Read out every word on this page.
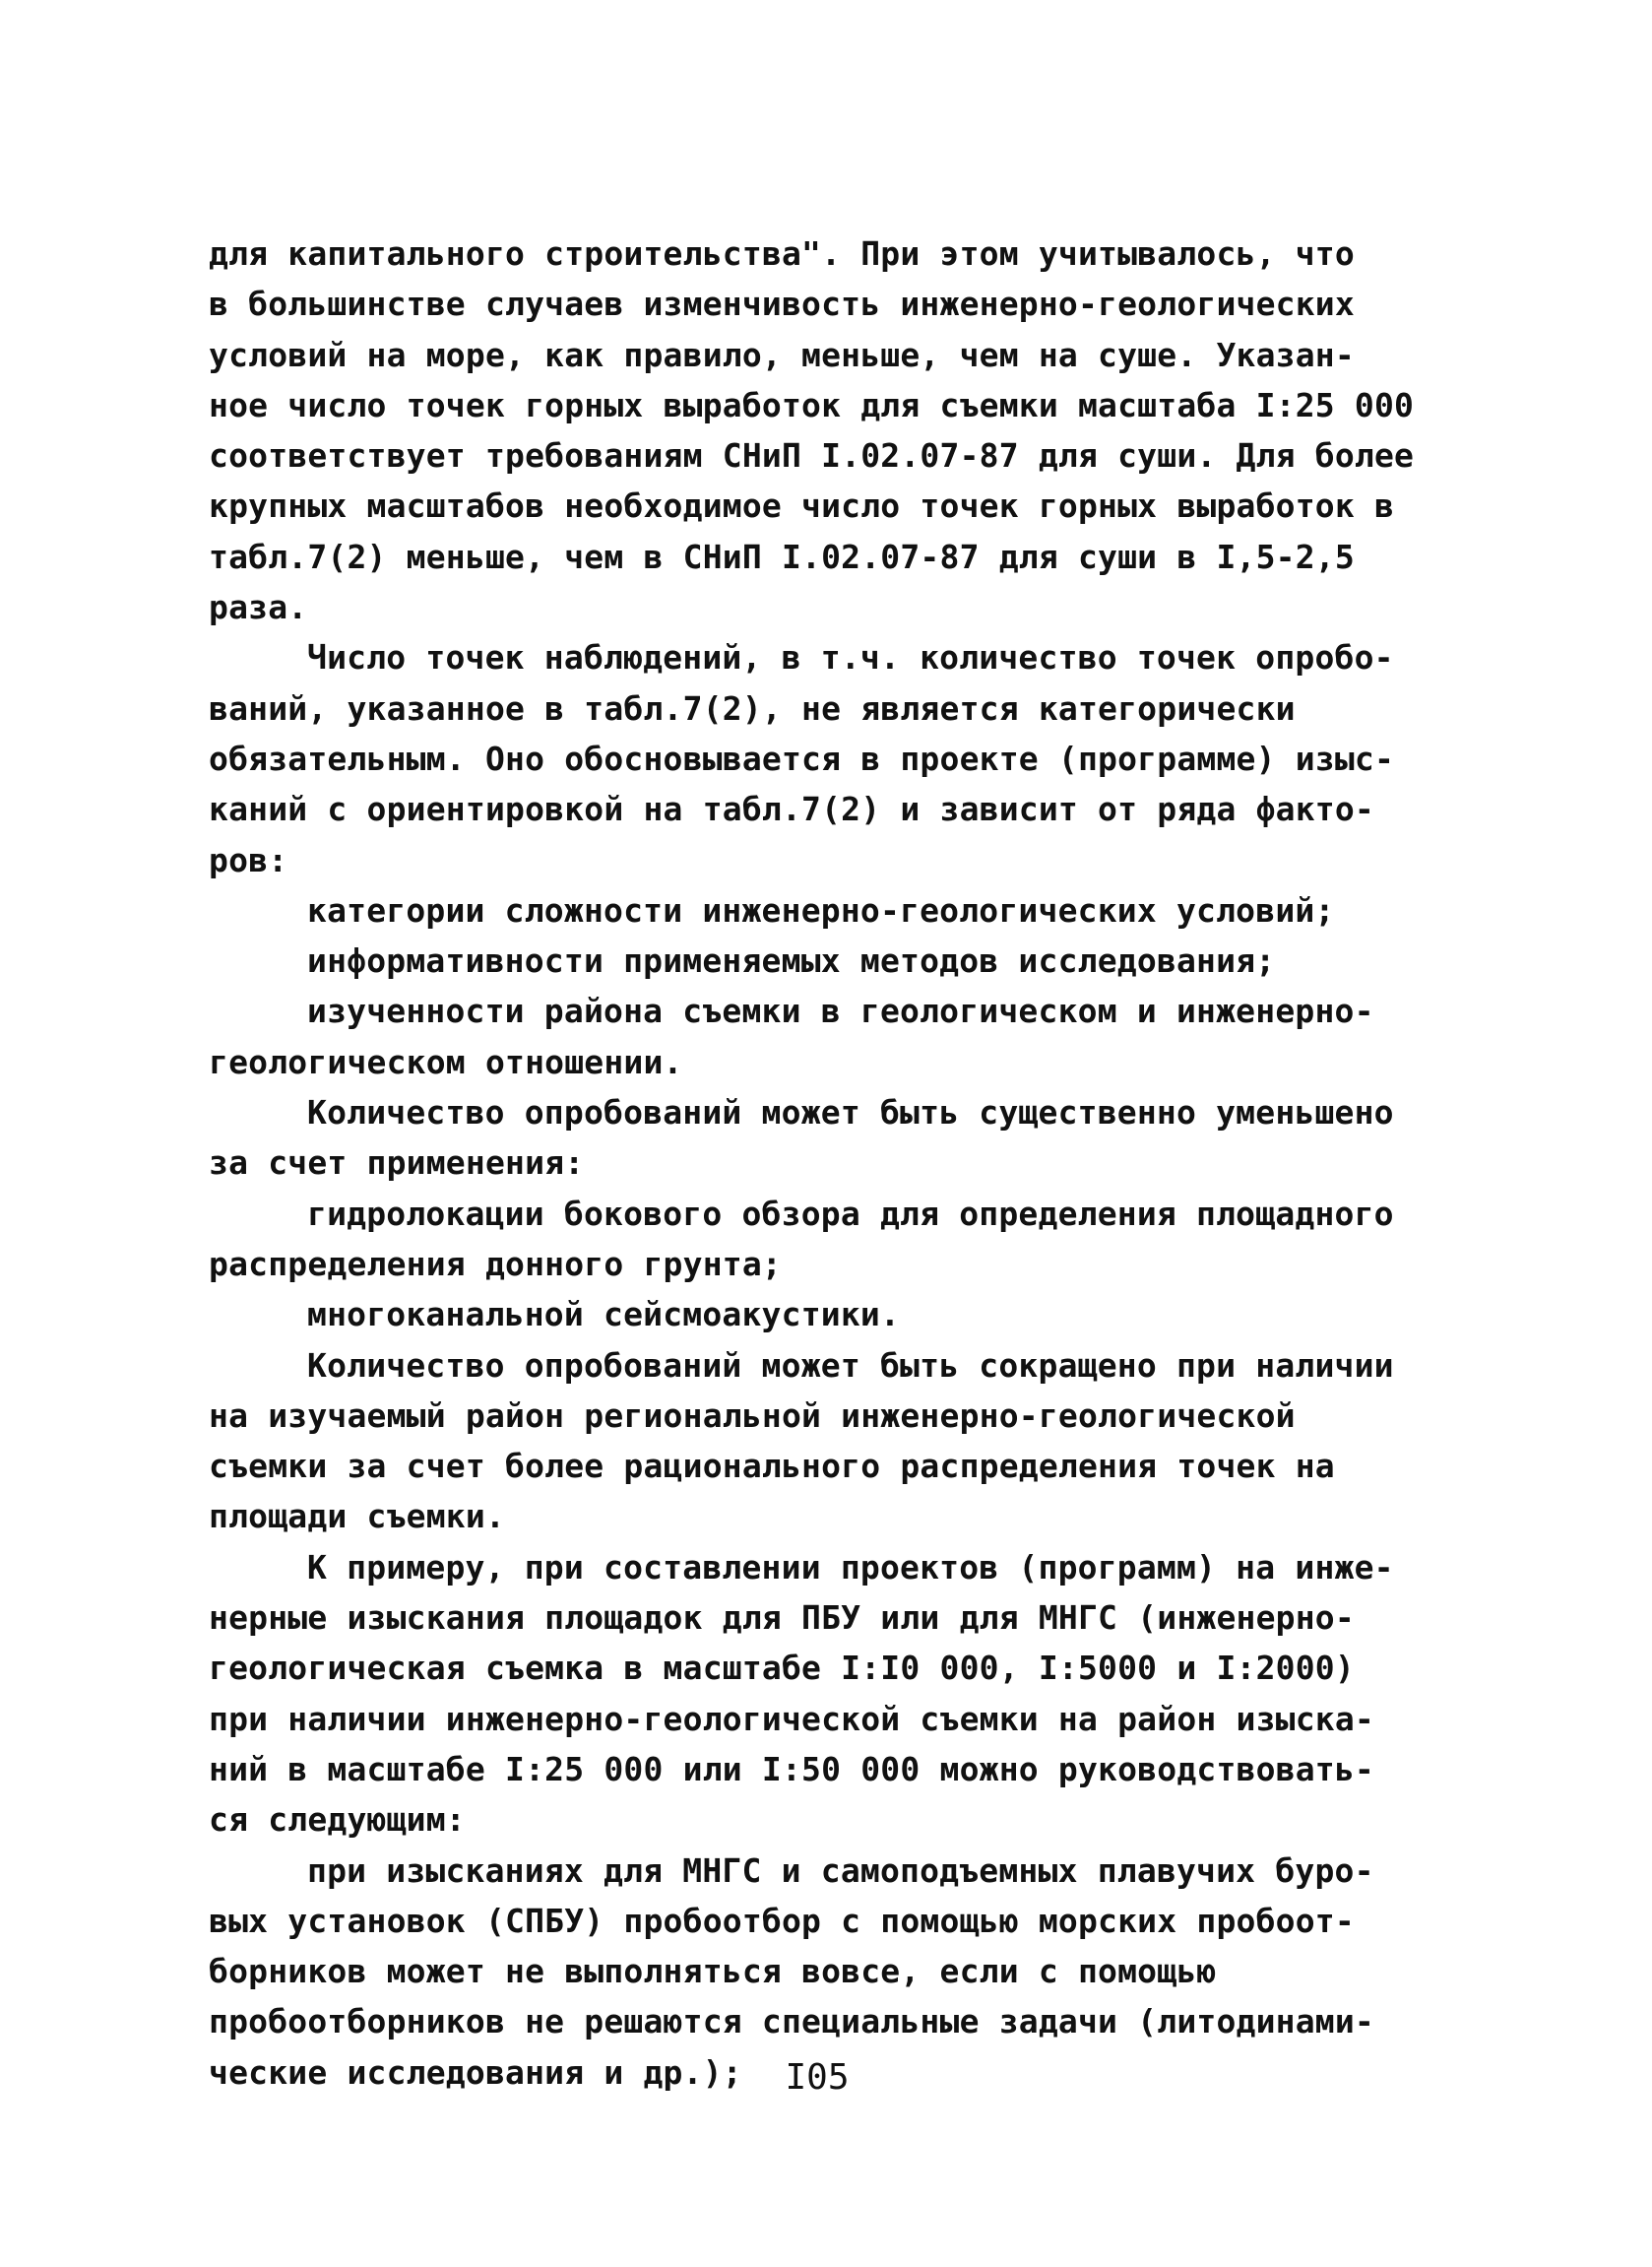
для капитального строительства". При этом учитывалось, что
в большинстве случаев изменчивость инженерно-геологических
условий на море, как правило, меньше, чем на суше. Указан-
ное число точек горных выработок для съемки масштаба I:25 000
соответствует требованиям СНиП I.02.07-87 для суши. Для более
крупных масштабов необходимое число точек горных выработок в
табл.7(2) меньше, чем в СНиП I.02.07-87 для суши в I,5-2,5
раза.
Число точек наблюдений, в т.ч. количество точек опробо-
ваний, указанное в табл.7(2), не является категорически
обязательным. Оно обосновывается в проекте (программе) изыс-
каний с ориентировкой на табл.7(2) и зависит от ряда факто-
ров:
категории сложности инженерно-геологических условий;
информативности применяемых методов исследования;
изученности района съемки в геологическом и инженерно-
геологическом отношении.
Количество опробований может быть существенно уменьшено
за счет применения:
гидролокации бокового обзора для определения площадного
распределения донного грунта;
многоканальной сейсмоакустики.
Количество опробований может быть сокращено при наличии
на изучаемый район региональной инженерно-геологической
съемки за счет более рационального распределения точек на
площади съемки.
К примеру, при составлении проектов (программ) на инже-
нерные изыскания площадок для ПБУ или для МНГС (инженерно-
геологическая съемка в масштабе I:I0 000, I:5000 и I:2000)
при наличии инженерно-геологической съемки на район изыска-
ний в масштабе I:25 000 или I:50 000 можно руководствовать-
ся следующим:
при изысканиях для МНГС и самоподъемных плавучих буро-
вых установок (СПБУ) пробоотбор с помощью морских пробоот-
борников может не выполняться вовсе, если с помощью
пробоотборников не решаются специальные задачи (литодинами-
ческие исследования и др.);	I05
